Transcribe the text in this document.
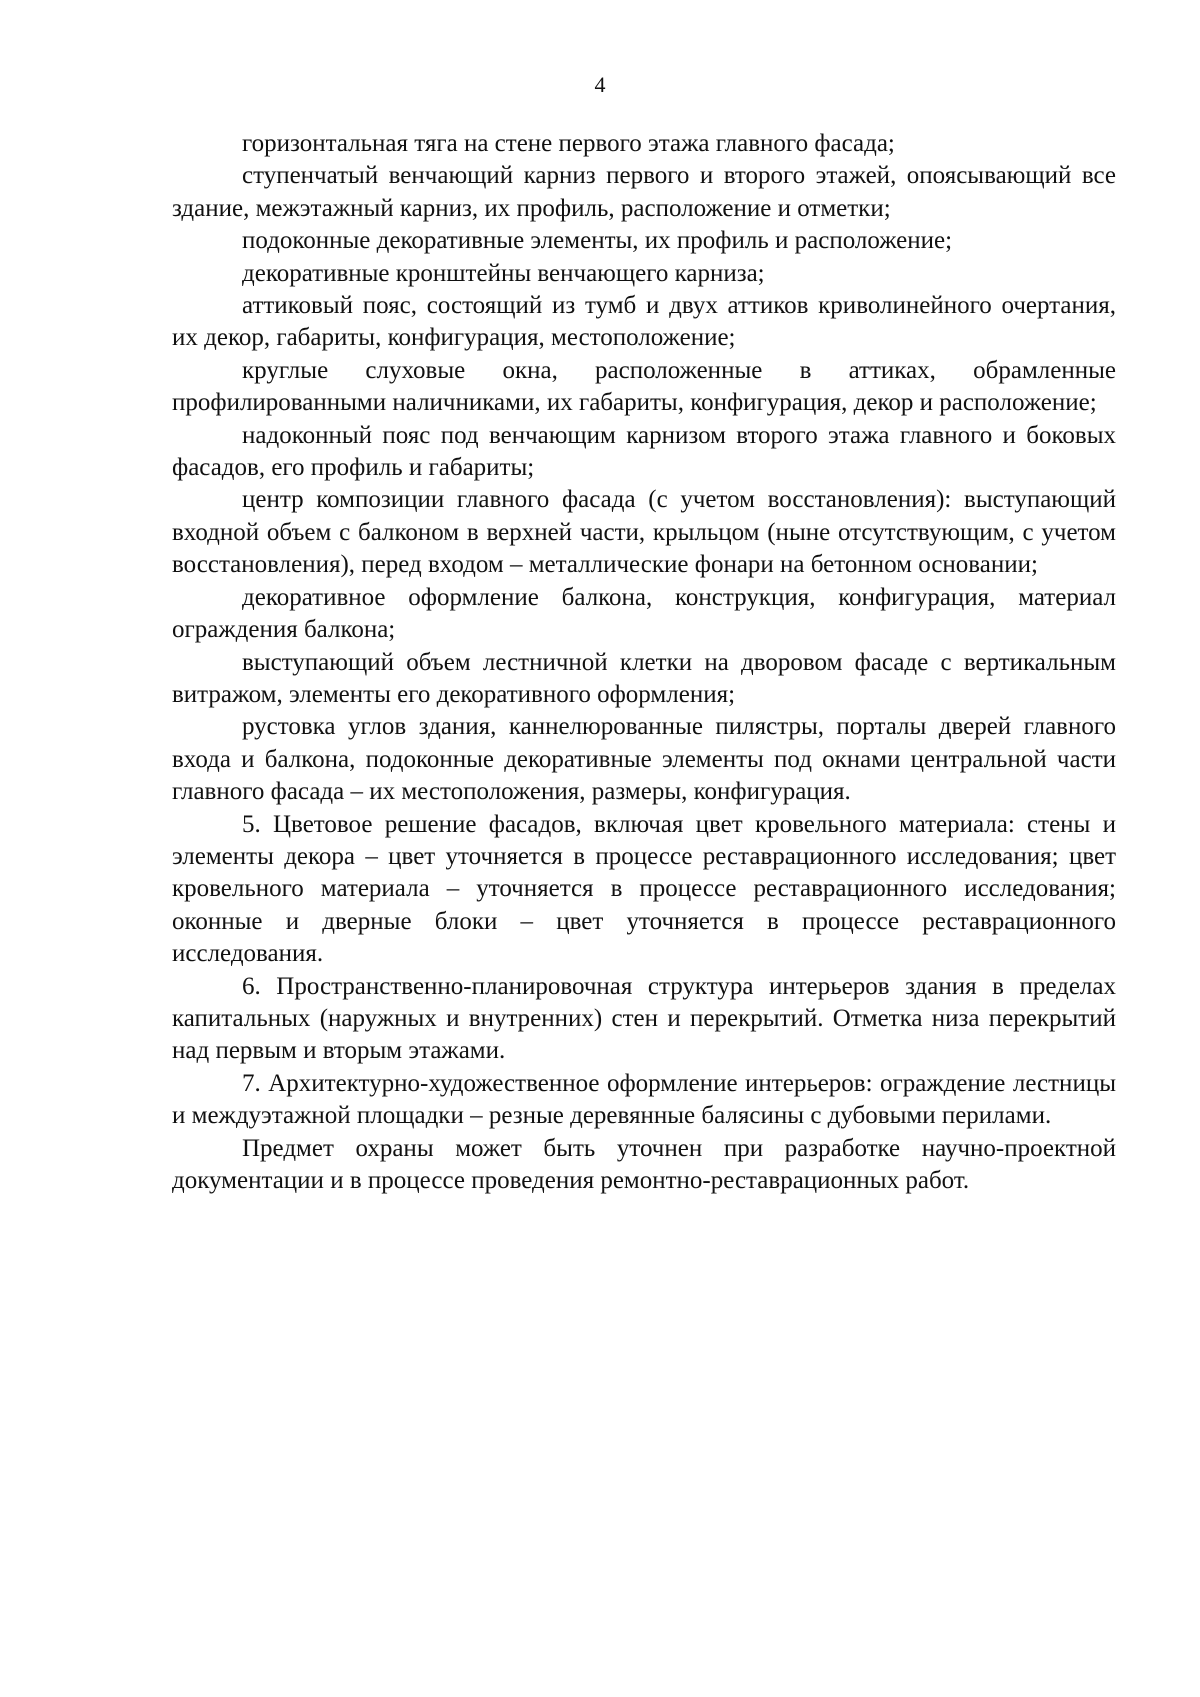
4

горизонтальная тяга на стене первого этажа главного фасада;

ступенчатый венчающий карниз первого и второго этажей, опоясывающий все здание, межэтажный карниз, их профиль, расположение и отметки;

подоконные декоративные элементы, их профиль и расположение;

декоративные кронштейны венчающего карниза;

аттиковый пояс, состоящий из тумб и двух аттиков криволинейного очертания, их декор, габариты, конфигурация, местоположение;

круглые слуховые окна, расположенные в аттиках, обрамленные профилированными наличниками, их габариты, конфигурация, декор и расположение;

надоконный пояс под венчающим карнизом второго этажа главного и боковых фасадов, его профиль и габариты;

центр композиции главного фасада (с учетом восстановления): выступающий входной объем с балконом в верхней части, крыльцом (ныне отсутствующим, с учетом восстановления), перед входом – металлические фонари на бетонном основании;

декоративное оформление балкона, конструкция, конфигурация, материал ограждения балкона;

выступающий объем лестничной клетки на дворовом фасаде с вертикальным витражом, элементы его декоративного оформления;

рустовка углов здания, каннелюрованные пилястры, порталы дверей главного входа и балкона, подоконные декоративные элементы под окнами центральной части главного фасада – их местоположения, размеры, конфигурация.

5. Цветовое решение фасадов, включая цвет кровельного материала: стены и элементы декора – цвет уточняется в процессе реставрационного исследования; цвет кровельного материала – уточняется в процессе реставрационного исследования; оконные и дверные блоки – цвет уточняется в процессе реставрационного исследования.

6. Пространственно-планировочная структура интерьеров здания в пределах капитальных (наружных и внутренних) стен и перекрытий. Отметка низа перекрытий над первым и вторым этажами.

7. Архитектурно-художественное оформление интерьеров: ограждение лестницы и междуэтажной площадки – резные деревянные балясины с дубовыми перилами.

Предмет охраны может быть уточнен при разработке научно-проектной документации и в процессе проведения ремонтно-реставрационных работ.
